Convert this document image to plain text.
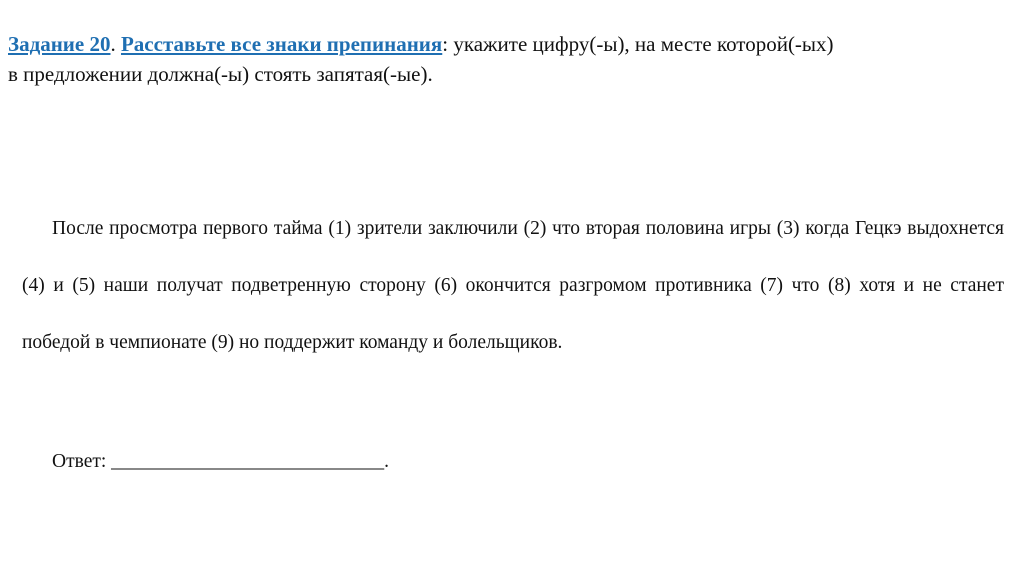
Задание 20. Расставьте все знаки препинания: укажите цифру(-ы), на месте которой(-ых)
в предложении должна(-ы) стоять запятая(-ые).

После просмотра первого тайма (1) зрители заключили (2) что вторая половина игры (3) когда Гецкэ выдохнется (4) и (5) наши получат подветренную сторону (6) окончится разгромом противника (7) что (8) хотя и не станет победой в чемпионате (9) но поддержит команду и болельщиков.

Ответ: ____________________________.
